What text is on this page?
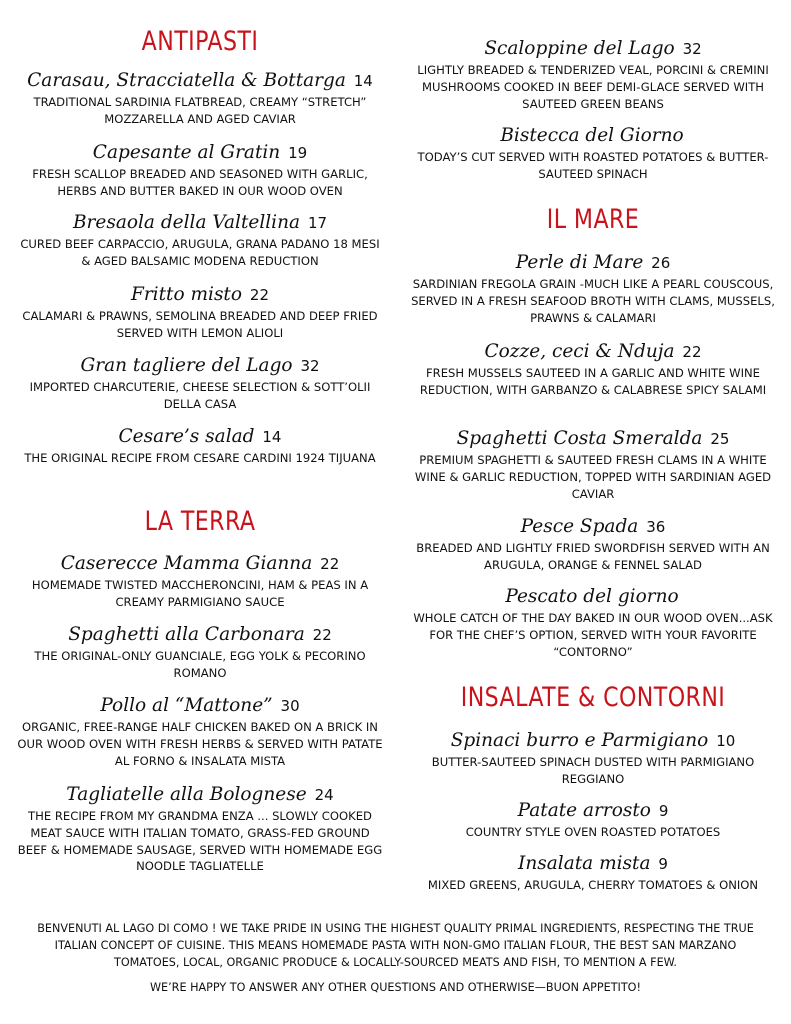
ANTIPASTI
Carasau, Stracciatella & Bottarga 14
TRADITIONAL SARDINIA FLATBREAD, CREAMY “STRETCH” MOZZARELLA AND AGED CAVIAR
Capesante al Gratin 19
FRESH SCALLOP BREADED AND SEASONED WITH GARLIC, HERBS AND BUTTER BAKED IN OUR WOOD OVEN
Bresaola della Valtellina 17
CURED BEEF CARPACCIO, ARUGULA, GRANA PADANO 18 MESI & AGED BALSAMIC MODENA REDUCTION
Fritto misto 22
CALAMARI & PRAWNS, SEMOLINA BREADED AND DEEP FRIED SERVED WITH LEMON ALIOLI
Gran tagliere del Lago 32
IMPORTED CHARCUTERIE, CHEESE SELECTION & SOTT’OLII DELLA CASA
Cesare’s salad 14
THE ORIGINAL RECIPE FROM CESARE CARDINI 1924 TIJUANA
LA TERRA
Caserecce Mamma Gianna 22
HOMEMADE TWISTED MACCHERONCINI, HAM & PEAS IN A CREAMY PARMIGIANO SAUCE
Spaghetti alla Carbonara 22
THE ORIGINAL-ONLY GUANCIALE, EGG YOLK & PECORINO ROMANO
Pollo al “Mattone” 30
ORGANIC, FREE-RANGE HALF CHICKEN BAKED ON A BRICK IN OUR WOOD OVEN WITH FRESH HERBS & SERVED WITH PATATE AL FORNO & INSALATA MISTA
Tagliatelle alla Bolognese 24
THE RECIPE FROM MY GRANDMA ENZA ... SLOWLY COOKED MEAT SAUCE WITH ITALIAN TOMATO, GRASS-FED GROUND BEEF & HOMEMADE SAUSAGE, SERVED WITH HOMEMADE EGG NOODLE TAGLIATELLE
Scaloppine del Lago 32
LIGHTLY BREADED & TENDERIZED VEAL, PORCINI & CREMINI MUSHROOMS COOKED IN BEEF DEMI-GLACE SERVED WITH SAUTEED GREEN BEANS
Bistecca del Giorno
TODAY’S CUT SERVED WITH ROASTED POTATOES & BUTTER-SAUTEED SPINACH
IL MARE
Perle di Mare 26
SARDINIAN FREGOLA GRAIN -MUCH LIKE A PEARL COUSCOUS, SERVED IN A FRESH SEAFOOD BROTH WITH CLAMS, MUSSELS, PRAWNS & CALAMARI
Cozze, ceci & Nduja 22
FRESH MUSSELS SAUTEED IN A GARLIC AND WHITE WINE REDUCTION, WITH GARBANZO & CALABRESE SPICY SALAMI
Spaghetti Costa Smeralda 25
PREMIUM SPAGHETTI & SAUTEED FRESH CLAMS IN A WHITE WINE & GARLIC REDUCTION, TOPPED WITH SARDINIAN AGED CAVIAR
Pesce Spada 36
BREADED AND LIGHTLY FRIED SWORDFISH SERVED WITH AN ARUGULA, ORANGE & FENNEL SALAD
Pescato del giorno
WHOLE CATCH OF THE DAY BAKED IN OUR WOOD OVEN...ASK FOR THE CHEF’S OPTION, SERVED WITH YOUR FAVORITE “CONTORNO”
INSALATE & CONTORNI
Spinaci burro e Parmigiano 10
BUTTER-SAUTEED SPINACH DUSTED WITH PARMIGIANO REGGIANO
Patate arrosto 9
COUNTRY STYLE OVEN ROASTED POTATOES
Insalata mista 9
MIXED GREENS, ARUGULA, CHERRY TOMATOES & ONION
BENVENUTI AL LAGO DI COMO ! WE TAKE PRIDE IN USING THE HIGHEST QUALITY PRIMAL INGREDIENTS, RESPECTING THE TRUE ITALIAN CONCEPT OF CUISINE. THIS MEANS HOMEMADE PASTA WITH NON-GMO ITALIAN FLOUR, THE BEST SAN MARZANO TOMATOES, LOCAL, ORGANIC PRODUCE & LOCALLY-SOURCED MEATS AND FISH, TO MENTION A FEW.
WE’RE HAPPY TO ANSWER ANY OTHER QUESTIONS AND OTHERWISE—BUON APPETITO!
